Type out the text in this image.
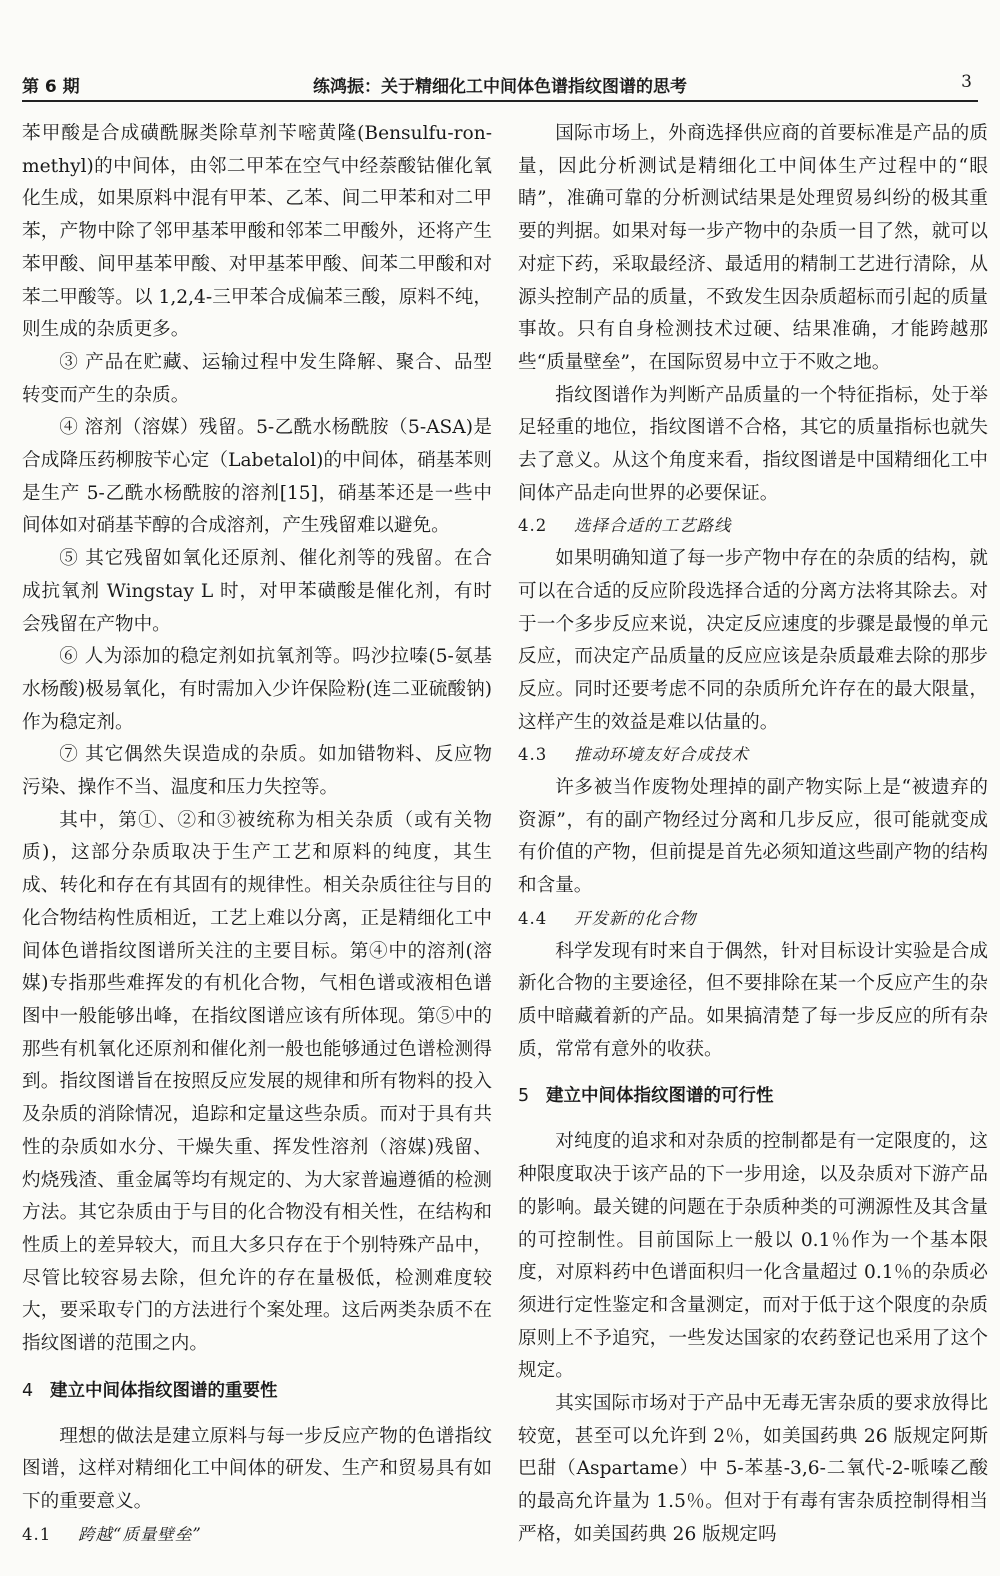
第 6 期	练鸿振：关于精细化工中间体色谱指纹图谱的思考	3

苯甲酸是合成磺酰脲类除草剂苄嘧黄隆(Bensulfu-ron-methyl)的中间体，由邻二甲苯在空气中经萘酸钴催化氧化生成，如果原料中混有甲苯、乙苯、间二甲苯和对二甲苯，产物中除了邻甲基苯甲酸和邻苯二甲酸外，还将产生苯甲酸、间甲基苯甲酸、对甲基苯甲酸、间苯二甲酸和对苯二甲酸等。以 1,2,4-三甲苯合成偏苯三酸，原料不纯，则生成的杂质更多。

③ 产品在贮藏、运输过程中发生降解、聚合、品型转变而产生的杂质。

④ 溶剂（溶媒）残留。5-乙酰水杨酰胺（5-ASA)是合成降压药柳胺苄心定（Labetalol)的中间体，硝基苯则是生产 5-乙酰水杨酰胺的溶剂[15]，硝基苯还是一些中间体如对硝基苄醇的合成溶剂，产生残留难以避免。

⑤ 其它残留如氧化还原剂、催化剂等的残留。在合成抗氧剂 Wingstay L 时，对甲苯磺酸是催化剂，有时会残留在产物中。

⑥ 人为添加的稳定剂如抗氧剂等。吗沙拉嗪(5-氨基水杨酸)极易氧化，有时需加入少许保险粉(连二亚硫酸钠)作为稳定剂。

⑦ 其它偶然失误造成的杂质。如加错物料、反应物污染、操作不当、温度和压力失控等。

其中，第①、②和③被统称为相关杂质（或有关物质)，这部分杂质取决于生产工艺和原料的纯度，其生成、转化和存在有其固有的规律性。相关杂质往往与目的化合物结构性质相近，工艺上难以分离，正是精细化工中间体色谱指纹图谱所关注的主要目标。第④中的溶剂(溶媒)专指那些难挥发的有机化合物，气相色谱或液相色谱图中一般能够出峰，在指纹图谱应该有所体现。第⑤中的那些有机氧化还原剂和催化剂一般也能够通过色谱检测得到。指纹图谱旨在按照反应发展的规律和所有物料的投入及杂质的消除情况，追踪和定量这些杂质。而对于具有共性的杂质如水分、干燥失重、挥发性溶剂（溶媒)残留、灼烧残渣、重金属等均有规定的、为大家普遍遵循的检测方法。其它杂质由于与目的化合物没有相关性，在结构和性质上的差异较大，而且大多只存在于个别特殊产品中，尽管比较容易去除，但允许的存在量极低，检测难度较大，要采取专门的方法进行个案处理。这后两类杂质不在指纹图谱的范围之内。

4 建立中间体指纹图谱的重要性

理想的做法是建立原料与每一步反应产物的色谱指纹图谱，这样对精细化工中间体的研发、生产和贸易具有如下的重要意义。

4.1 跨越“质量壁垒”

国际市场上，外商选择供应商的首要标准是产品的质量，因此分析测试是精细化工中间体生产过程中的“眼睛”，准确可靠的分析测试结果是处理贸易纠纷的极其重要的判据。如果对每一步产物中的杂质一目了然，就可以对症下药，采取最经济、最适用的精制工艺进行清除，从源头控制产品的质量，不致发生因杂质超标而引起的质量事故。只有自身检测技术过硬、结果准确，才能跨越那些“质量壁垒”，在国际贸易中立于不败之地。

指纹图谱作为判断产品质量的一个特征指标，处于举足轻重的地位，指纹图谱不合格，其它的质量指标也就失去了意义。从这个角度来看，指纹图谱是中国精细化工中间体产品走向世界的必要保证。

4.2 选择合适的工艺路线

如果明确知道了每一步产物中存在的杂质的结构，就可以在合适的反应阶段选择合适的分离方法将其除去。对于一个多步反应来说，决定反应速度的步骤是最慢的单元反应，而决定产品质量的反应应该是杂质最难去除的那步反应。同时还要考虑不同的杂质所允许存在的最大限量，这样产生的效益是难以估量的。

4.3 推动环境友好合成技术

许多被当作废物处理掉的副产物实际上是“被遗弃的资源”，有的副产物经过分离和几步反应，很可能就变成有价值的产物，但前提是首先必须知道这些副产物的结构和含量。

4.4 开发新的化合物

科学发现有时来自于偶然，针对目标设计实验是合成新化合物的主要途径，但不要排除在某一个反应产生的杂质中暗藏着新的产品。如果搞清楚了每一步反应的所有杂质，常常有意外的收获。

5 建立中间体指纹图谱的可行性

对纯度的追求和对杂质的控制都是有一定限度的，这种限度取决于该产品的下一步用途，以及杂质对下游产品的影响。最关键的问题在于杂质种类的可溯源性及其含量的可控制性。目前国际上一般以 0.1％作为一个基本限度，对原料药中色谱面积归一化含量超过 0.1％的杂质必须进行定性鉴定和含量测定，而对于低于这个限度的杂质原则上不予追究，一些发达国家的农药登记也采用了这个规定。

其实国际市场对于产品中无毒无害杂质的要求放得比较宽，甚至可以允许到 2％，如美国药典 26 版规定阿斯巴甜（Aspartame）中 5-苯基-3,6-二氧代-2-哌嗪乙酸的最高允许量为 1.5％。但对于有毒有害杂质控制得相当严格，如美国药典 26 版规定吗
